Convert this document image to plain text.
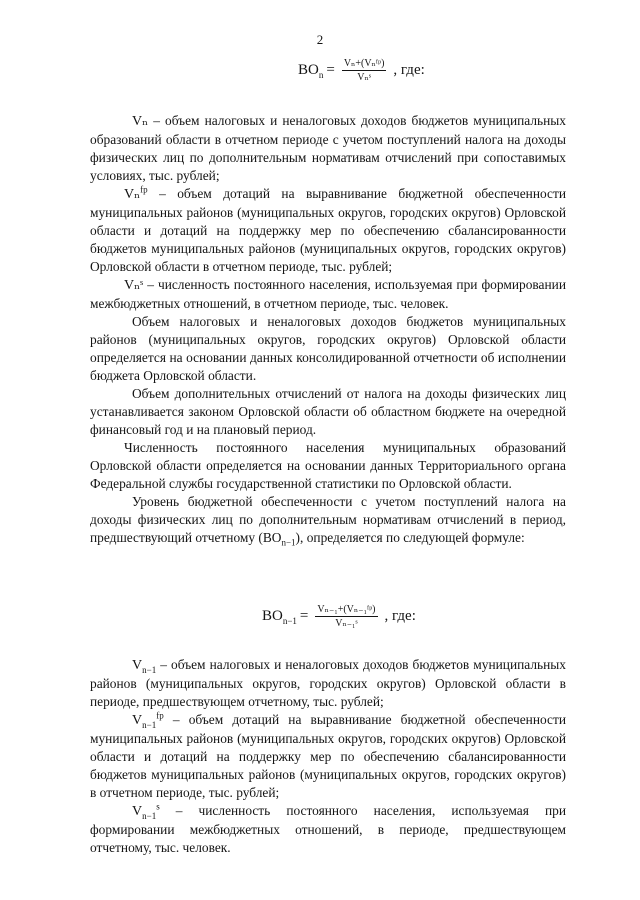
2
$BO_n = \frac{\text{Vₙ+(Vₙᶠᵖ)}}{\text{Vₙˢ}}$ , где:

Vₙ – объем налоговых и неналоговых доходов бюджетов муниципальных образований области в отчетном периоде с учетом поступлений налога на доходы физических лиц по дополнительным нормативам отчислений при сопоставимых условиях, тыс. рублей;

Vₙ$^{fp}$ – объем дотаций на выравнивание бюджетной обеспеченности муниципальных районов (муниципальных округов, городских округов) Орловской области и дотаций на поддержку мер по обеспечению сбалансированности бюджетов муниципальных районов (муниципальных округов, городских округов) Орловской области в отчетном периоде, тыс. рублей;

Vₙˢ – численность постоянного населения, используемая при формировании межбюджетных отношений, в отчетном периоде, тыс. человек.

Объем налоговых и неналоговых доходов бюджетов муниципальных районов (муниципальных округов, городских округов) Орловской области определяется на основании данных консолидированной отчетности об исполнении бюджета Орловской области.

Объем дополнительных отчислений от налога на доходы физических лиц устанавливается законом Орловской области об областном бюджете на очередной финансовый год и на плановый период.

Численность постоянного населения муниципальных образований Орловской области определяется на основании данных Территориального органа Федеральной службы государственной статистики по Орловской области.

Уровень бюджетной обеспеченности с учетом поступлений налога на доходы физических лиц по дополнительным нормативам отчислений в период, предшествующий отчетному $(BO_{n-1})$, определяется по следующей формуле:

$BO_{n-1} = \frac{\text{Vₙ₋₁+(Vₙ₋₁ᶠᵖ)}}{\text{Vₙ₋₁ˢ}}$ , где:

$V_{n-1}$ – объем налоговых и неналоговых доходов бюджетов муниципальных районов (муниципальных округов, городских округов) Орловской области в периоде, предшествующем отчетному, тыс. рублей;

$V_{n-1}^{fp}$ – объем дотаций на выравнивание бюджетной обеспеченности муниципальных районов (муниципальных округов, городских округов) Орловской области и дотаций на поддержку мер по обеспечению сбалансированности бюджетов муниципальных районов (муниципальных округов, городских округов) в отчетном периоде, тыс. рублей;

$V_{n-1}^s$ – численность постоянного населения, используемая при формировании межбюджетных отношений, в периоде, предшествующем отчетному, тыс. человек.
